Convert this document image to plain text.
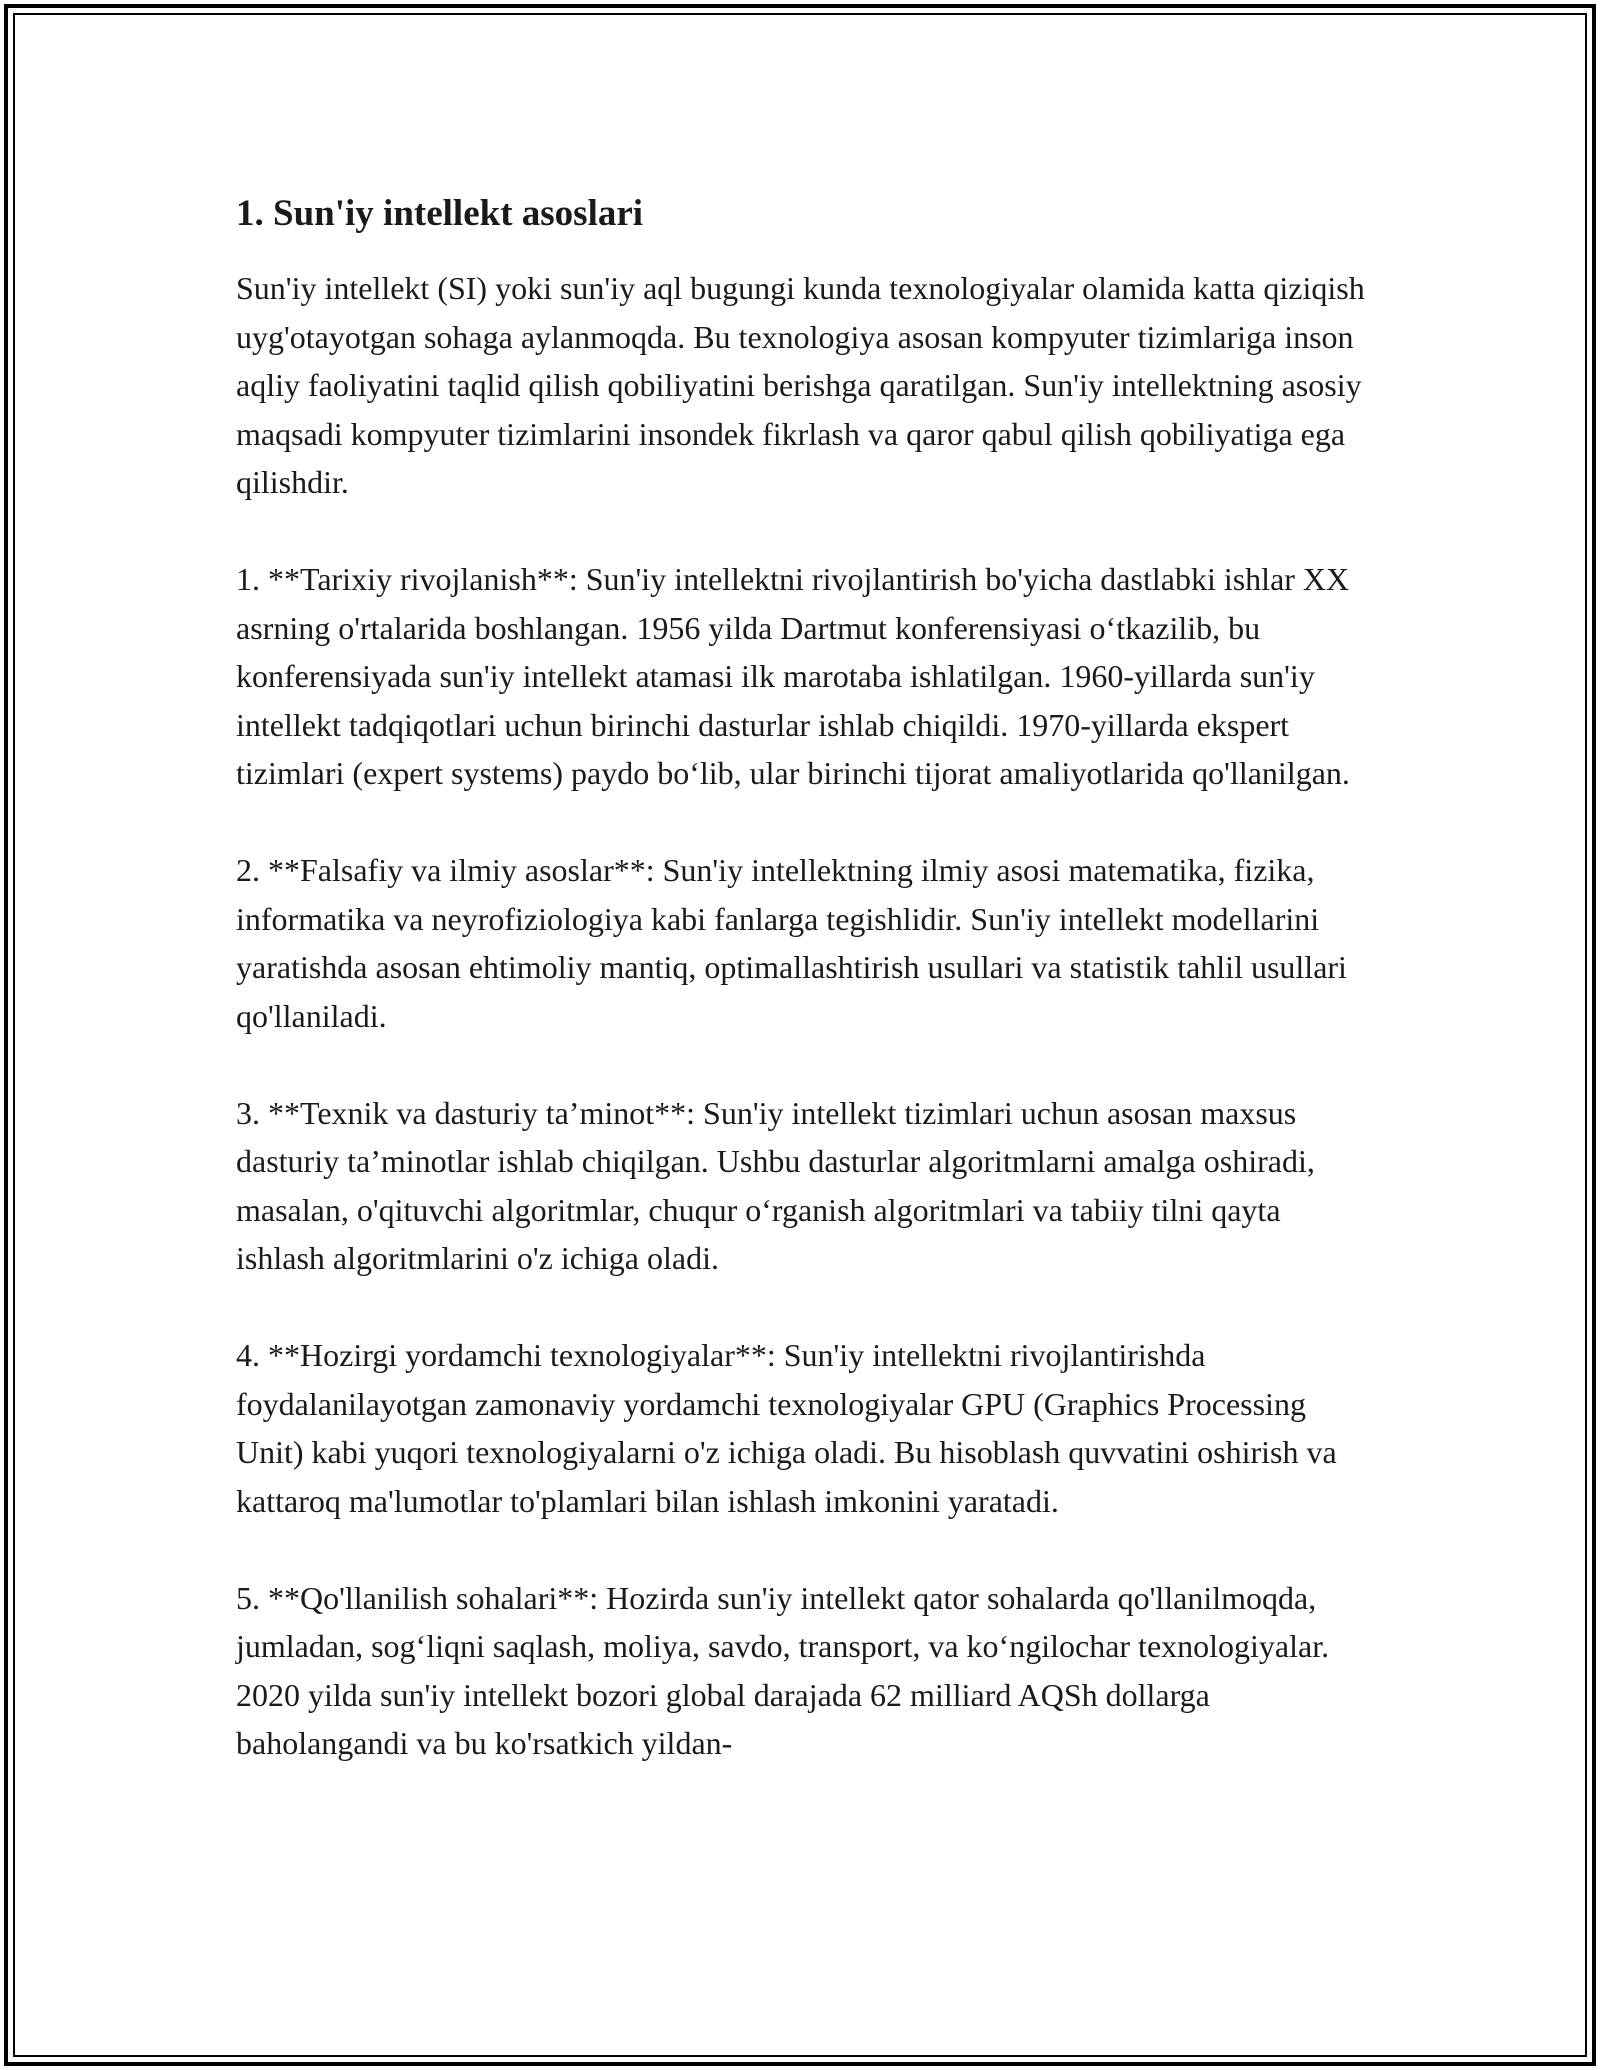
1. Sun'iy intellekt asoslari

Sun'iy intellekt (SI) yoki sun'iy aql bugungi kunda texnologiyalar olamida katta qiziqish uyg'otayotgan sohaga aylanmoqda. Bu texnologiya asosan kompyuter tizimlariga inson aqliy faoliyatini taqlid qilish qobiliyatini berishga qaratilgan. Sun'iy intellektning asosiy maqsadi kompyuter tizimlarini insondek fikrlash va qaror qabul qilish qobiliyatiga ega qilishdir.

1. **Tarixiy rivojlanish**: Sun'iy intellektni rivojlantirish bo'yicha dastlabki ishlar XX asrning o'rtalarida boshlangan. 1956 yilda Dartmut konferensiyasi o‘tkazilib, bu konferensiyada sun'iy intellekt atamasi ilk marotaba ishlatilgan. 1960-yillarda sun'iy intellekt tadqiqotlari uchun birinchi dasturlar ishlab chiqildi. 1970-yillarda ekspert tizimlari (expert systems) paydo bo‘lib, ular birinchi tijorat amaliyotlarida qo'llanilgan.

2. **Falsafiy va ilmiy asoslar**: Sun'iy intellektning ilmiy asosi matematika, fizika, informatika va neyrofiziologiya kabi fanlarga tegishlidir. Sun'iy intellekt modellarini yaratishda asosan ehtimoliy mantiq, optimallashtirish usullari va statistik tahlil usullari qo'llaniladi.

3. **Texnik va dasturiy ta’minot**: Sun'iy intellekt tizimlari uchun asosan maxsus dasturiy ta’minotlar ishlab chiqilgan. Ushbu dasturlar algoritmlarni amalga oshiradi, masalan, o'qituvchi algoritmlar, chuqur o‘rganish algoritmlari va tabiiy tilni qayta ishlash algoritmlarini o'z ichiga oladi.

4. **Hozirgi yordamchi texnologiyalar**: Sun'iy intellektni rivojlantirishda foydalanilayotgan zamonaviy yordamchi texnologiyalar GPU (Graphics Processing Unit) kabi yuqori texnologiyalarni o'z ichiga oladi. Bu hisoblash quvvatini oshirish va kattaroq ma'lumotlar to'plamlari bilan ishlash imkonini yaratadi.

5. **Qo'llanilish sohalari**: Hozirda sun'iy intellekt qator sohalarda qo'llanilmoqda, jumladan, sog‘liqni saqlash, moliya, savdo, transport, va ko‘ngilochar texnologiyalar. 2020 yilda sun'iy intellekt bozori global darajada 62 milliard AQSh dollarga baholangandi va bu ko'rsatkich yildan-
